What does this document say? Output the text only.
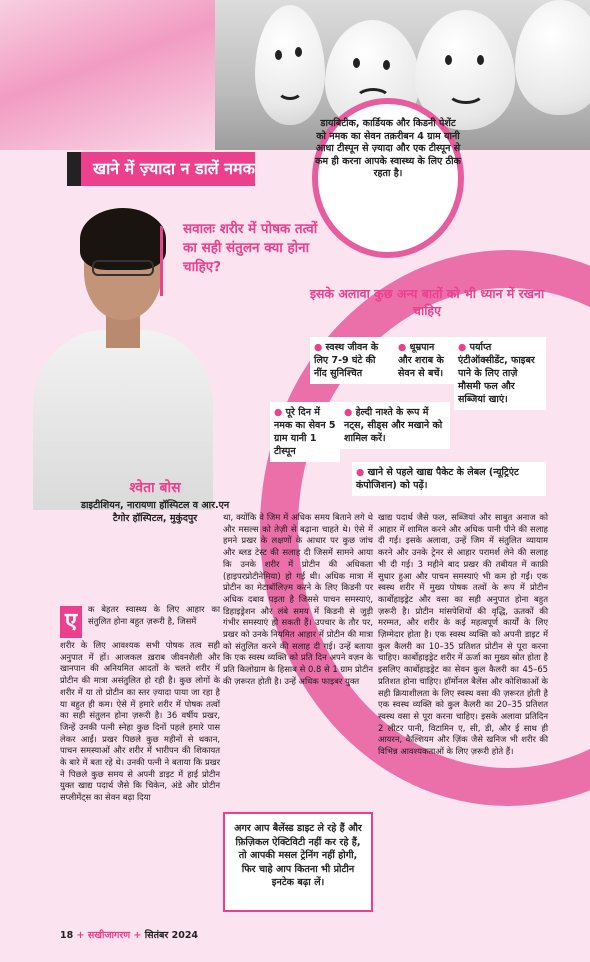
खाने में ज़्यादा न डालें नमक
डायबिटीक, कार्डियक और किडनी पेशेंट को नमक का सेवन तक़रीबन 4 ग्राम यानी आधा टीस्पून से ज़्यादा और एक टीस्पून से कम ही करना आपके स्वास्थ्य के लिए ठीक रहता है।
सवालः शरीर में पोषक तत्वों का सही संतुलन क्या होना चाहिए?
श्वेता बोस
डाइटीशियन, नारायणा हॉस्पिटल व आर.एन टैगोर हॉस्पिटल, मुकुंदपुर
इसके अलावा कुछ अन्य बातों को भी ध्यान में रखना चाहिए
● स्वस्थ जीवन के लिए 7-9 घंटे की नींद सुनिश्चित
● धूम्रपान और शराब के सेवन से बचें।
● पर्याप्त एंटीऑक्सीडेंट, फाइबर पाने के लिए ताज़े मौसमी फल और सब्जियां खाएं।
● पूरे दिन में नमक का सेवन 5 ग्राम यानी 1 टीस्पून
● हेल्दी नाश्ते के रूप में नट्स, सीड्स और मखाने को शामिल करें।
● खाने से पहले खाद्य पैकेट के लेबल (न्यूट्रिएंट कंपोजिशन) को पढ़ें।
ए	क बेहतर स्वास्थ्य के लिए आहार का संतुलित होना बहुत ज़रूरी है, जिसमें
शरीर के लिए आवश्यक सभी पोषक तत्व सही अनुपात में हों। आजकल ख़राब जीवनशैली और खानपान की अनियमित आदतों के चलते शरीर में प्रोटीन की मात्रा असंतुलित हो रही है। कुछ लोगों के शरीर में या तो प्रोटीन का स्तर ज़्यादा पाया जा रहा है या बहुत ही कम। ऐसे में हमारे शरीर में पोषक तत्वों का सही संतुलन होना ज़रूरी है। 36 वर्षीय प्रखर, जिन्हें उनकी पत्नी स्नेहा कुछ दिनों पहले हमारे पास लेकर आईं। प्रखर पिछले कुछ महीनों से थकान, पाचन समस्याओं और शरीर में भारीपन की शिकायत के बारे में बता रहे थे। उनकी पत्नी ने बताया कि प्रखर ने पिछले कुछ समय से अपनी डाइट में हाई प्रोटीन युक्त खाद्य पदार्थ जैसे कि चिकेन, अंडे और प्रोटीन सप्लीमेंट्स का सेवन बढ़ा दिया
था, क्योंकि वे जिम में अधिक समय बिताने लगे थे और मसल्स को तेज़ी से बढ़ाना चाहते थे। ऐसे में हमने प्रखर के लक्षणों के आधार पर कुछ जांच और ब्लड टेस्ट की सलाह दी जिसमें सामने आया कि उनके शरीर में प्रोटीन की अधिकता (हाइपरप्रोटीनेमिया) हो गई थी। अधिक मात्रा में प्रोटीन का मेटाबॉलिज़्म करने के लिए किडनी पर अधिक दबाव पड़ता है जिससे पाचन समस्याएं, डिहाइड्रेशन और लंबे समय में किडनी से जुड़ी गंभीर समस्याएं हो सकती हैं। उपचार के तौर पर, प्रखर को उनके नियमित आहार में प्रोटीन की मात्रा को संतुलित करने की सलाह दी गई। उन्हें बताया कि एक स्वस्थ व्यक्ति को प्रति दिन अपने वज़न के प्रति किलोग्राम के हिसाब से 0.8 से 1 ग्राम प्रोटीन की ज़रूरत होती है। उन्हें अधिक फाइबर युक्त
खाद्य पदार्थ जैसे फल, सब्जियां और साबुत अनाज को आहार में शामिल करने और अधिक पानी पीने की सलाह दी गई। इसके अलावा, उन्हें जिम में संतुलित व्यायाम करने और उनके ट्रेनर से आहार परामर्श लेने की सलाह भी दी गई। 3 महीने बाद प्रखर की तबीयत में काफ़ी सुधार हुआ और पाचन समस्याएं भी कम हो गईं। एक स्वस्थ शरीर में मुख्य पोषक तत्वों के रूप में प्रोटीन कार्बोहाइड्रेट और वसा का सही अनुपात होना बहुत ज़रूरी है। प्रोटीन मांसपेशियों की वृद्धि, ऊतकों की मरम्मत, और शरीर के कई महत्वपूर्ण कार्यों के लिए ज़िम्मेदार होता है। एक स्वस्थ व्यक्ति को अपनी डाइट में कुल कैलरी का 10–35 प्रतिशत प्रोटीन से पूरा करना चाहिए। कार्बोहाइड्रेट शरीर में ऊर्जा का मुख्य स्रोत होता है इसलिए कार्बोहाइड्रेट का सेवन कुल कैलरी का 45–65 प्रतिशत होना चाहिए। हॉर्मोनल बैलेंस और कोशिकाओं के सही क्रियाशीलता के लिए स्वस्थ वसा की ज़रूरत होती है एक स्वस्थ व्यक्ति को कुल कैलरी का 20–35 प्रतिशत स्वस्थ वसा से पूरा करना चाहिए। इसके अलावा प्रतिदिन 2 लीटर पानी, विटामिन ए, सी, डी, और ई साथ ही आयरन, कैल्शियम और ज़िंक जैसे खनिज भी शरीर की विभिन्न आवश्यकताओं के लिए ज़रूरी होते हैं।
अगर आप बैलेंस्ड डाइट ले रहे हैं और फ़िज़िकल ऐक्टिविटी नहीं कर रहे हैं, तो आपकी मसल ट्रेनिंग नहीं होगी, फिर चाहे आप कितना भी प्रोटीन इनटेक बढ़ा लें।
18 + सखीजागरण + सितंबर 2024
